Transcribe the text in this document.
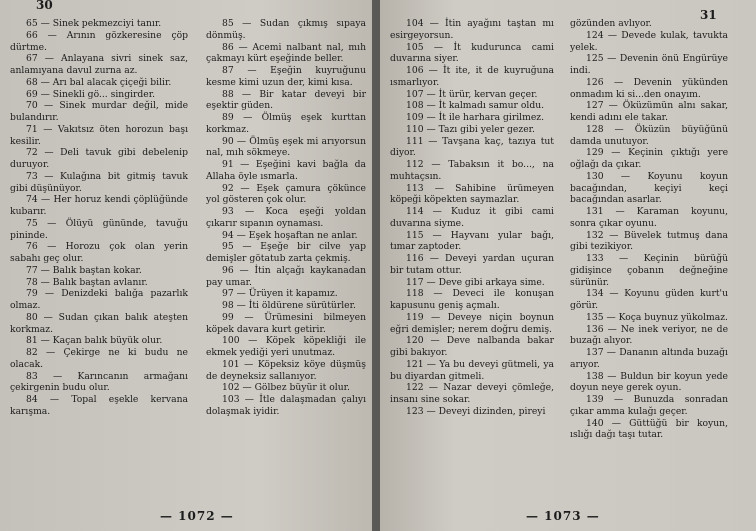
30

65 — Sinek pekmezciyi tanır.

66 — Arının gözkeresine çöp dürtme.

67 — Anlayana sivri sinek saz, anlamıyana davul zurna az.

68 — Arı bal alacak çiçeği bilir.

69 — Sinekli gö... singirder.

70 — Sinek murdar değil, mide bulandırır.

71 — Vakıtsız öten horozun başı kesilir.

72 — Deli tavuk gibi debelenip duruyor.

73 — Kulağına bit gitmiş tavuk gibi düşünüyor.

74 — Her horuz kendi çöplüğünde kubarır.

75 — Ölüyü gününde, tavuğu pininde.

76 — Horozu çok olan yerin sabahı geç olur.

77 — Balık baştan kokar.

78 — Balık baştan avlanır.

79 — Denizdeki balığa pazarlık olmaz.

80 — Sudan çıkan balık ateşten korkmaz.

81 — Kaçan balık büyük olur.

82 — Çekirge ne ki budu ne olacak.

83 — Karıncanın armağanı çekirgenin budu olur.

84 — Topal eşekle kervana karışma.

85 — Sudan çıkmış sıpaya dönmüş.

86 — Acemi nalbant nal, mıh çakmayı kürt eşeğinde beller.

87 — Eşeğin kuyruğunu kesme kimi uzun der, kimi kısa.

88 — Bir katar deveyi bir eşektir güden.

89 — Ölmüş eşek kurttan korkmaz.

90 — Ölmüş eşek mi arıyorsun nal, mıh sökmeye.

91 — Eşeğini kavi bağla da Allaha öyle ısmarla.

92 — Eşek çamura çökünce yol gösteren çok olur.

93 — Koca eşeği yoldan çıkarır sıpanın oynaması.

94 — Eşek hoşaftan ne anlar.

95 — Eşeğe bir cilve yap demişler götatub zarta çekmiş.

96 — İtin alçağı kaykanadan pay umar.

97 — Ürüyen it kapamız.

98 — İti öldürene sürütürler.

99 — Ürümesini bilmeyen köpek davara kurt getirir.

100 — Köpek köpekliği ile ekmek yediği yeri unutmaz.

101 — Köpeksiz köye düşmüş de deyneksiz sallanıyor.

102 — Gölbez büyür it olur.

103 — İtle dalaşmadan çalıyı dolaşmak iyidir.

— 1072 —
31

104 — İtin ayağını taştan mı esirgeyorsun.

105 — İt kudurunca cami duvarına siyer.

106 — İt ite, it de kuyruğuna ısmarlıyor.

107 — İt ürür, kervan geçer.

108 — İt kalmadı samur oldu.

109 — İt ile harhara girilmez.

110 — Tazı gibi yeler gezer.

111 — Tavşana kaç, tazıya tut diyor.

112 — Tabaksın it bo..., na muhtaçsın.

113 — Sahibine ürümeyen köpeği köpekten saymazlar.

114 — Kuduz it gibi cami duvarına siyme.

115 — Hayvanı yular bağı, tımar zaptoder.

116 — Deveyi yardan uçuran bir tutam ottur.

117 — Deve gibi arkaya sime.

118 — Deveci ile konuşan kapusunu geniş açmalı.

119 — Deveye niçin boynun eğri demişler; nerem doğru demiş.

120 — Deve nalbanda bakar gibi bakıyor.

121 — Ya bu deveyi gütmeli, ya bu diyardan gitmeli.

122 — Nazar deveyi çömleğe, insanı sine sokar.

123 — Deveyi dizinden, pireyi

gözünden avlıyor.

124 — Devede kulak, tavukta yelek.

125 — Devenin önü Engürüye indi.

126 — Devenin yükünden onmadım ki si...den onayım.

127 — Öküzümün alnı sakar, kendi adını ele takar.

128 — Öküzün büyüğünü damda unutuyor.

129 — Keçinin çıktığı yere oğlağı da çıkar.

130 — Koyunu koyun bacağından, keçiyi keçi bacağından asarlar.

131 — Karaman koyunu, sonra çıkar oyunu.

132 — Büvelek tutmuş dana gibi tezikiyor.

133 — Keçinin bürüğü gidişince çobanın değneğine sürünür.

134 — Koyunu güden kurt'u görür.

135 — Koça buynuz yükolmaz.

136 — Ne inek veriyor, ne de buzağı alıyor.

137 — Dananın altında buzağı arıyor.

138 — Buldun bir koyun yede doyun neye gerek oyun.

139 — Bunuzda sonradan çıkar amma kulağı geçer.

140 — Güttüğü bir koyun, ıslığı dağı taşı tutar.

— 1073 —
